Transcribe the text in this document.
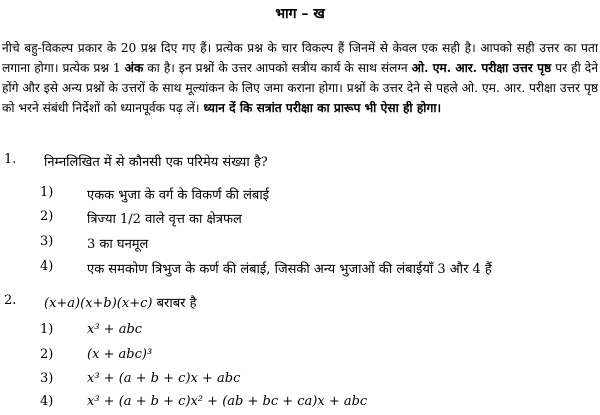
भाग – ख
नीचे बहु-विकल्प प्रकार के 20 प्रश्न दिए गए हैं। प्रत्येक प्रश्न के चार विकल्प हैं जिनमें से केवल एक सही है। आपको सही उत्तर का पता लगाना होगा। प्रत्येक प्रश्न 1 अंक का है। इन प्रश्नों के उत्तर आपको सत्रीय कार्य के साथ संलग्न ओ. एम. आर. परीक्षा उत्तर पृष्ठ पर ही देने होंगे और इसे अन्य प्रश्नों के उत्तरों के साथ मूल्यांकन के लिए जमा कराना होगा। प्रश्नों के उत्तर देने से पहले ओ. एम. आर. परीक्षा उत्तर पृष्ठ को भरने संबंधी निर्देशों को ध्यानपूर्वक पढ़ लें। ध्यान दें कि सत्रांत परीक्षा का प्रारूप भी ऐसा ही होगा।
1.	निम्नलिखित में से कौनसी एक परिमेय संख्या है?
1)	एकक भुजा के वर्ग के विकर्ण की लंबाई
2)	त्रिज्या 1/2 वाले वृत्त का क्षेत्रफल
3)	3 का घनमूल
4)	एक समकोण त्रिभुज के कर्ण की लंबाई, जिसकी अन्य भुजाओं की लंबाईयाँ 3 और 4 हैं
2.	(x+a)(x+b)(x+c) बराबर है
1)	x³ + abc
2)	(x + abc)³
3)	x³ + (a + b + c)x + abc
4)	x³ + (a + b + c)x² + (ab + bc + ca)x + abc
